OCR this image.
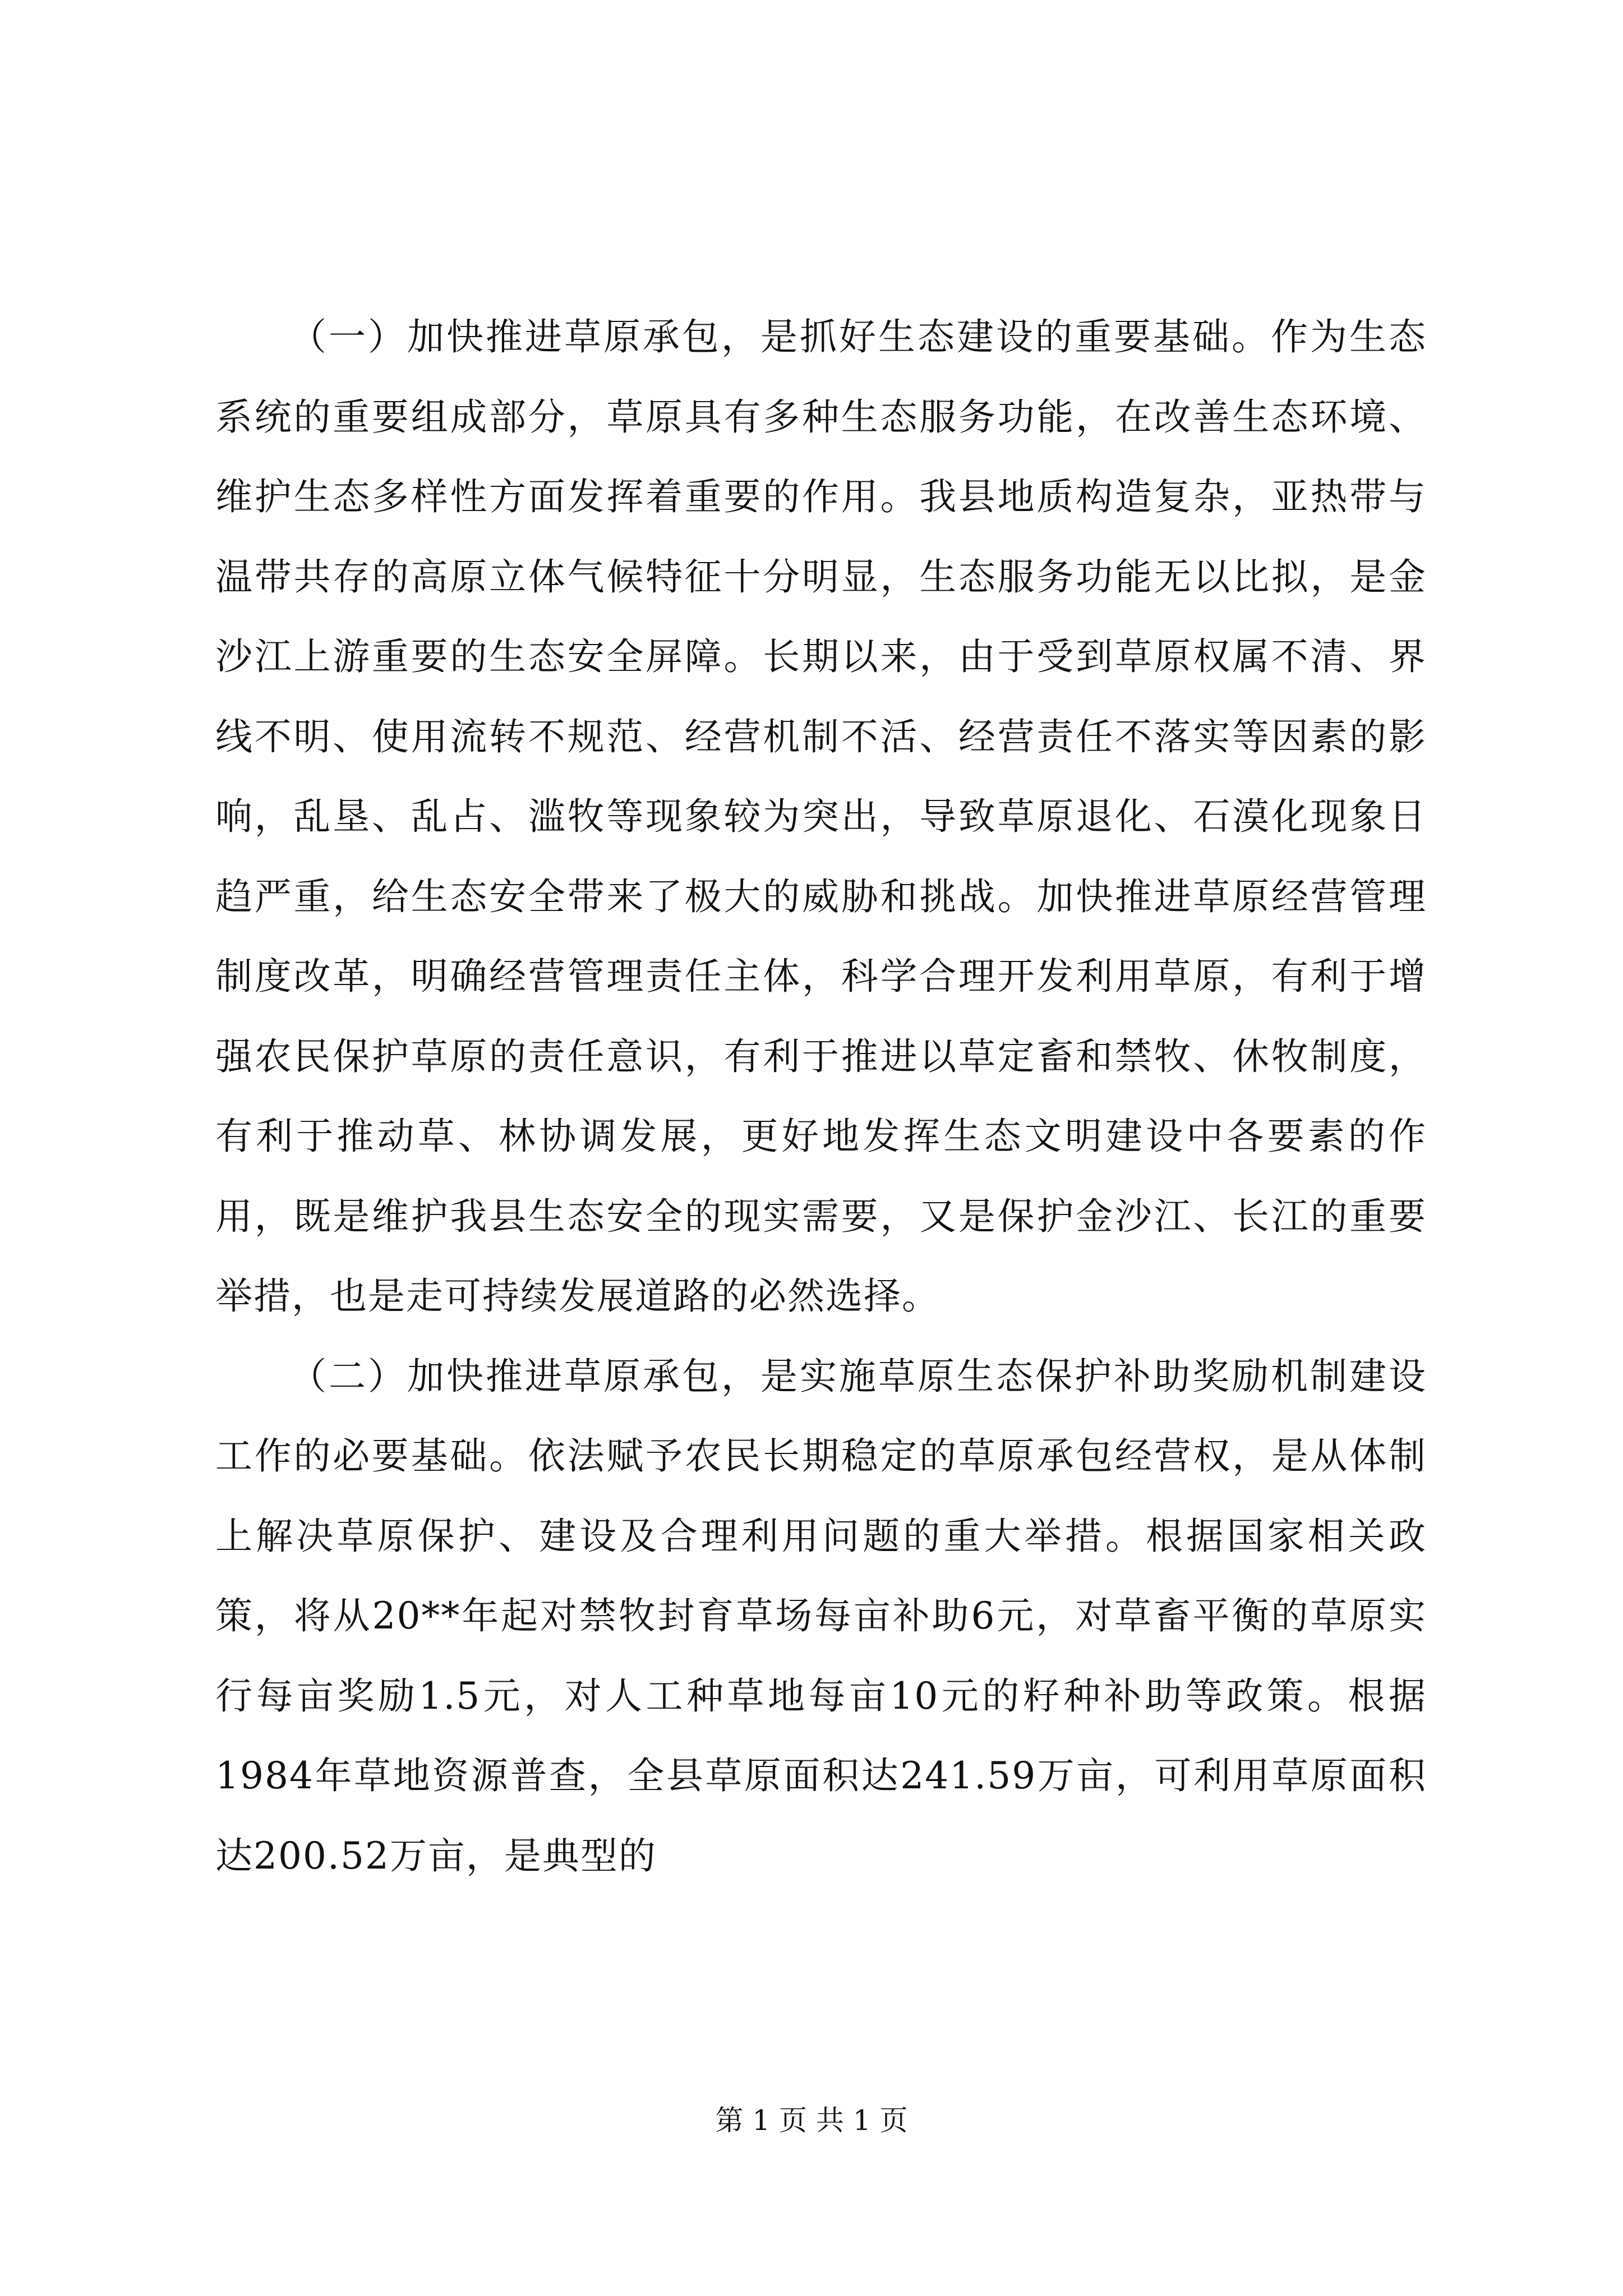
（一）加快推进草原承包，是抓好生态建设的重要基础。作为生态系统的重要组成部分，草原具有多种生态服务功能，在改善生态环境、维护生态多样性方面发挥着重要的作用。我县地质构造复杂，亚热带与温带共存的高原立体气候特征十分明显，生态服务功能无以比拟，是金沙江上游重要的生态安全屏障。长期以来，由于受到草原权属不清、界线不明、使用流转不规范、经营机制不活、经营责任不落实等因素的影响，乱垦、乱占、滥牧等现象较为突出，导致草原退化、石漠化现象日趋严重，给生态安全带来了极大的威胁和挑战。加快推进草原经营管理制度改革，明确经营管理责任主体，科学合理开发利用草原，有利于增强农民保护草原的责任意识，有利于推进以草定畜和禁牧、休牧制度，有利于推动草、林协调发展，更好地发挥生态文明建设中各要素的作用，既是维护我县生态安全的现实需要，又是保护金沙江、长江的重要举措，也是走可持续发展道路的必然选择。

（二）加快推进草原承包，是实施草原生态保护补助奖励机制建设工作的必要基础。依法赋予农民长期稳定的草原承包经营权，是从体制上解决草原保护、建设及合理利用问题的重大举措。根据国家相关政策，将从20**年起对禁牧封育草场每亩补助6元，对草畜平衡的草原实行每亩奖励1.5元，对人工种草地每亩10元的籽种补助等政策。根据1984年草地资源普查，全县草原面积达241.59万亩，可利用草原面积达200.52万亩，是典型的

第 1 页 共 1 页
